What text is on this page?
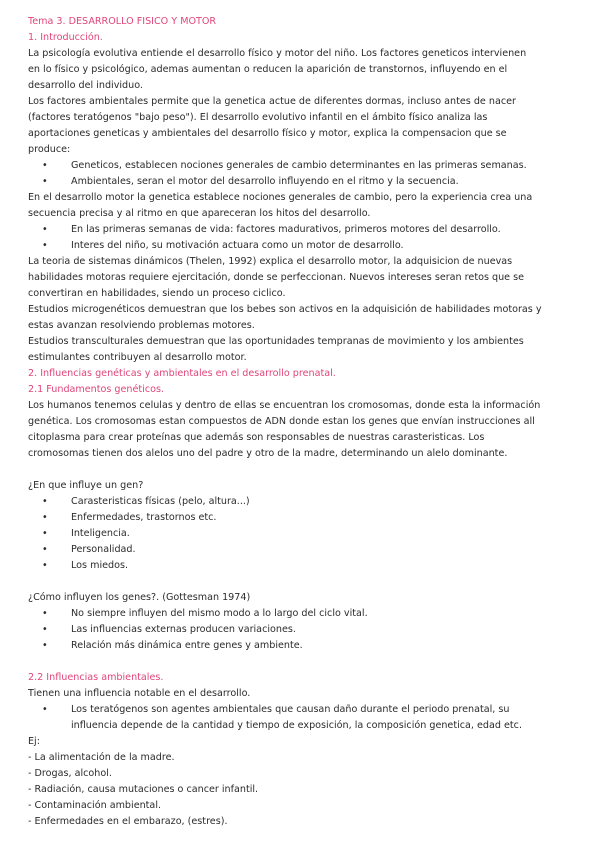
Tema 3. DESARROLLO FISICO Y MOTOR
1. Introducción.
La psicología evolutiva entiende el desarrollo físico y motor del niño. Los factores geneticos intervienen
en lo físico y psicológico, ademas aumentan o reducen la aparición de transtornos, influyendo en el
desarrollo del individuo.
Los factores ambientales permite que la genetica actue de diferentes dormas, incluso antes de nacer
(factores teratógenos "bajo peso"). El desarrollo evolutivo infantil en el ámbito físico analiza las
aportaciones geneticas y ambientales del desarrollo físico y motor, explica la compensacion que se
produce:
• Geneticos, establecen nociones generales de cambio determinantes en las primeras semanas.
• Ambientales, seran el motor del desarrollo influyendo en el ritmo y la secuencia.
En el desarrollo motor la genetica establece nociones generales de cambio, pero la experiencia crea una
secuencia precisa y al ritmo en que apareceran los hitos del desarrollo.
• En las primeras semanas de vida: factores madurativos, primeros motores del desarrollo.
• Interes del niño, su motivación actuara como un motor de desarrollo.
La teoria de sistemas dinámicos (Thelen, 1992) explica el desarrollo motor, la adquisicion de nuevas
habilidades motoras requiere ejercitación, donde se perfeccionan. Nuevos intereses seran retos que se
convertiran en habilidades, siendo un proceso ciclico.
Estudios microgenéticos demuestran que los bebes son activos en la adquisición de habilidades motoras y
estas avanzan resolviendo problemas motores.
Estudios transculturales demuestran que las oportunidades tempranas de movimiento y los ambientes
estimulantes contribuyen al desarrollo motor.
2. Influencias genéticas y ambientales en el desarrollo prenatal.
2.1 Fundamentos genéticos.
Los humanos tenemos celulas y dentro de ellas se encuentran los cromosomas, donde esta la información
genética. Los cromosomas estan compuestos de ADN donde estan los genes que envían instrucciones all
citoplasma para crear proteínas que además son responsables de nuestras carasteristicas. Los
cromosomas tienen dos alelos uno del padre y otro de la madre, determinando un alelo dominante.
¿En que influye un gen?
• Carasteristicas físicas (pelo, altura...)
• Enfermedades, trastornos etc.
• Inteligencia.
• Personalidad.
• Los miedos.
¿Cómo influyen los genes?. (Gottesman 1974)
• No siempre influyen del mismo modo a lo largo del ciclo vital.
• Las influencias externas producen variaciones.
• Relación más dinámica entre genes y ambiente.
2.2 Influencias ambientales.
Tienen una influencia notable en el desarrollo.
• Los teratógenos son agentes ambientales que causan daño durante el periodo prenatal, su
influencia depende de la cantidad y tiempo de exposición, la composición genetica, edad etc.
Ej:
- La alimentación de la madre.
- Drogas, alcohol.
- Radiación, causa mutaciones o cancer infantil.
- Contaminación ambiental.
- Enfermedades en el embarazo, (estres).
